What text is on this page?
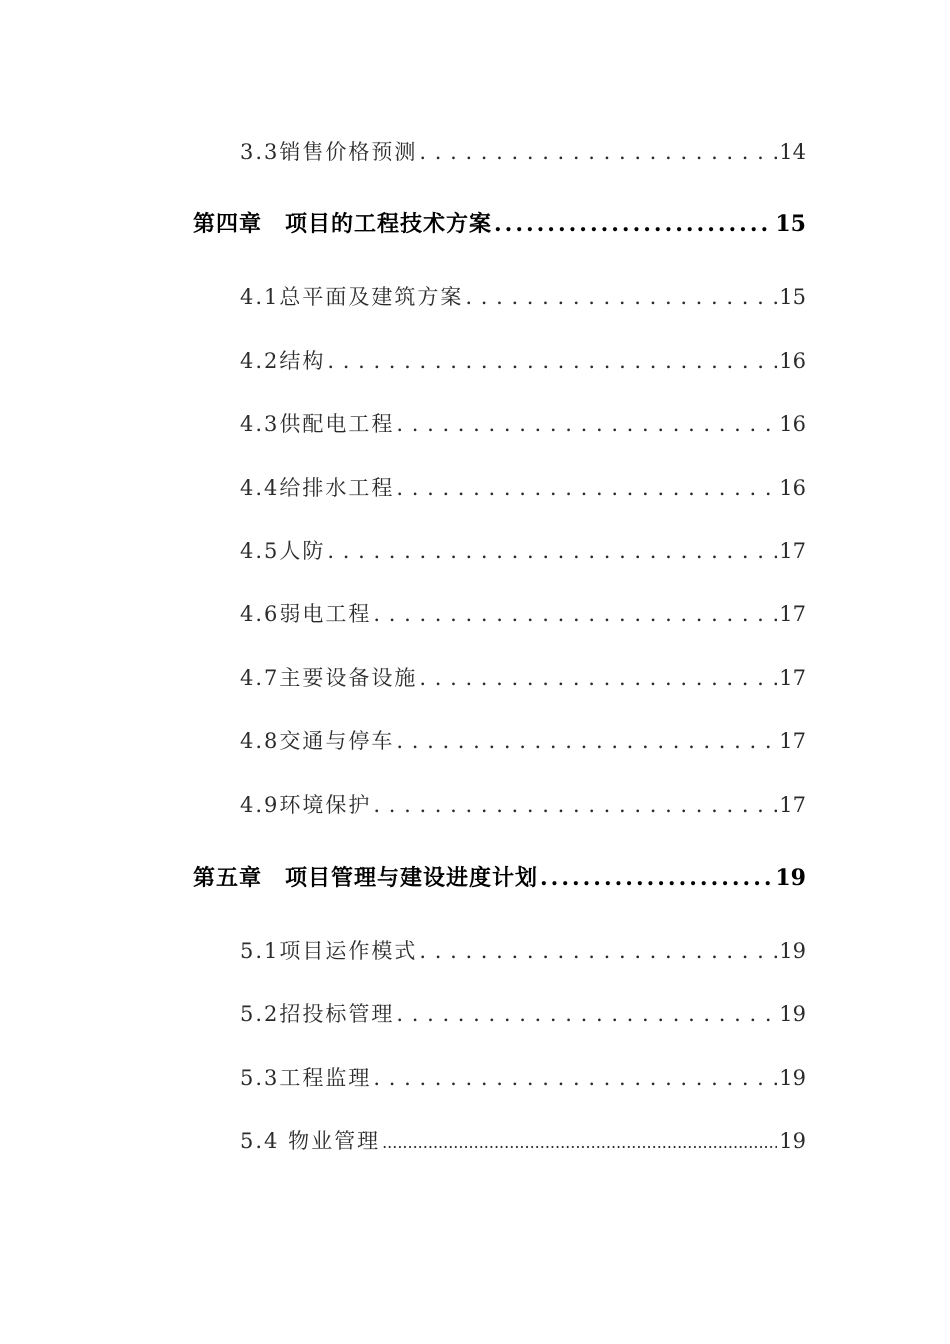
3.3销售价格预测 . . .	14
第四章　项目的工程技术方案 .....	15
4.1总平面及建筑方案 . . .	15
4.2结构 . . .	16
4.3供配电工程 . . .	16
4.4给排水工程 . . .	16
4.5人防 . . .	17
4.6弱电工程 . . .	17
4.7主要设备设施 . . .	17
4.8交通与停车 . . .	17
4.9环境保护 . . .	17
第五章　项目管理与建设进度计划 .....	19
5.1项目运作模式 . . .	19
5.2招投标管理 . . .	19
5.3工程监理 . . .	19
5.4 物业管理 .....	19
